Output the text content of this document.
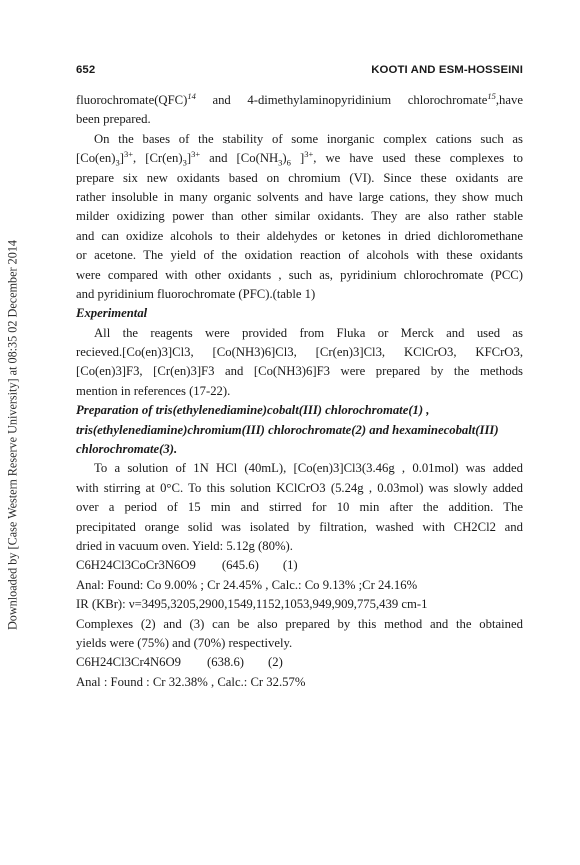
652	KOOTI AND ESM-HOSSEINI
Downloaded by [Case Western Reserve University] at 08:35 02 December 2014
fluorochromate(QFC)$^{14}$ and 4-dimethylaminopyridinium chlorochromate$^{15}$,have
been prepared.
On the bases of the stability of some inorganic complex cations such as
$[Co(en)_3]^{3+}$, $[Cr(en)_3]^{3+}$ and [$Co(NH_3)_6$ ]$^{3+}$, we have used these complexes to
prepare six new oxidants based on chromium (VI). Since these oxidants are
rather insoluble in many organic solvents and have large cations, they show much
milder oxidizing power than other similar oxidants. They are also rather stable
and can oxidize alcohols to their aldehydes or ketones in dried dichloromethane
or acetone. The yield of the oxidation reaction of alcohols with these oxidants
were compared with other oxidants , such as, pyridinium chlorochromate (PCC)
and pyridinium fluorochromate (PFC).(table 1)
Experimental
All the reagents were provided from Fluka or Merck and used as
recieved.[Co(en)3]Cl3, [Co(NH3)6]Cl3, [Cr(en)3]Cl3, KClCrO3, KFCrO3,
[Co(en)3]F3, [Cr(en)3]F3 and [Co(NH3)6]F3 were prepared by the methods
mention in references (17-22).
Preparation of tris(ethylenediamine)cobalt(III) chlorochromate(1) ,
tris(ethylenediamine)chromium(III) chlorochromate(2) and hexaminecobalt(III)
chlorochromate(3).
To a solution of 1N HCl (40mL), [Co(en)3]Cl3(3.46g , 0.01mol) was added
with stirring at 0°C. To this solution KClCrO3 (5.24g , 0.03mol) was slowly added
over a period of 15 min and stirred for 10 min after the addition. The
precipitated orange solid was isolated by filtration, washed with CH2Cl2 and
dried in vacuum oven. Yield: 5.12g (80%).
C6H24Cl3CoCr3N6O9 (645.6) (1)
Anal: Found: Co 9.00% ; Cr 24.45% , Calc.: Co 9.13% ;Cr 24.16%
IR (KBr): ν=3495,3205,2900,1549,1152,1053,949,909,775,439 cm-1
Complexes (2) and (3) can be also prepared by this method and the obtained
yields were (75%) and (70%) respectively.
C6H24Cl3Cr4N6O9 (638.6) (2)
Anal : Found : Cr 32.38% , Calc.: Cr 32.57%
